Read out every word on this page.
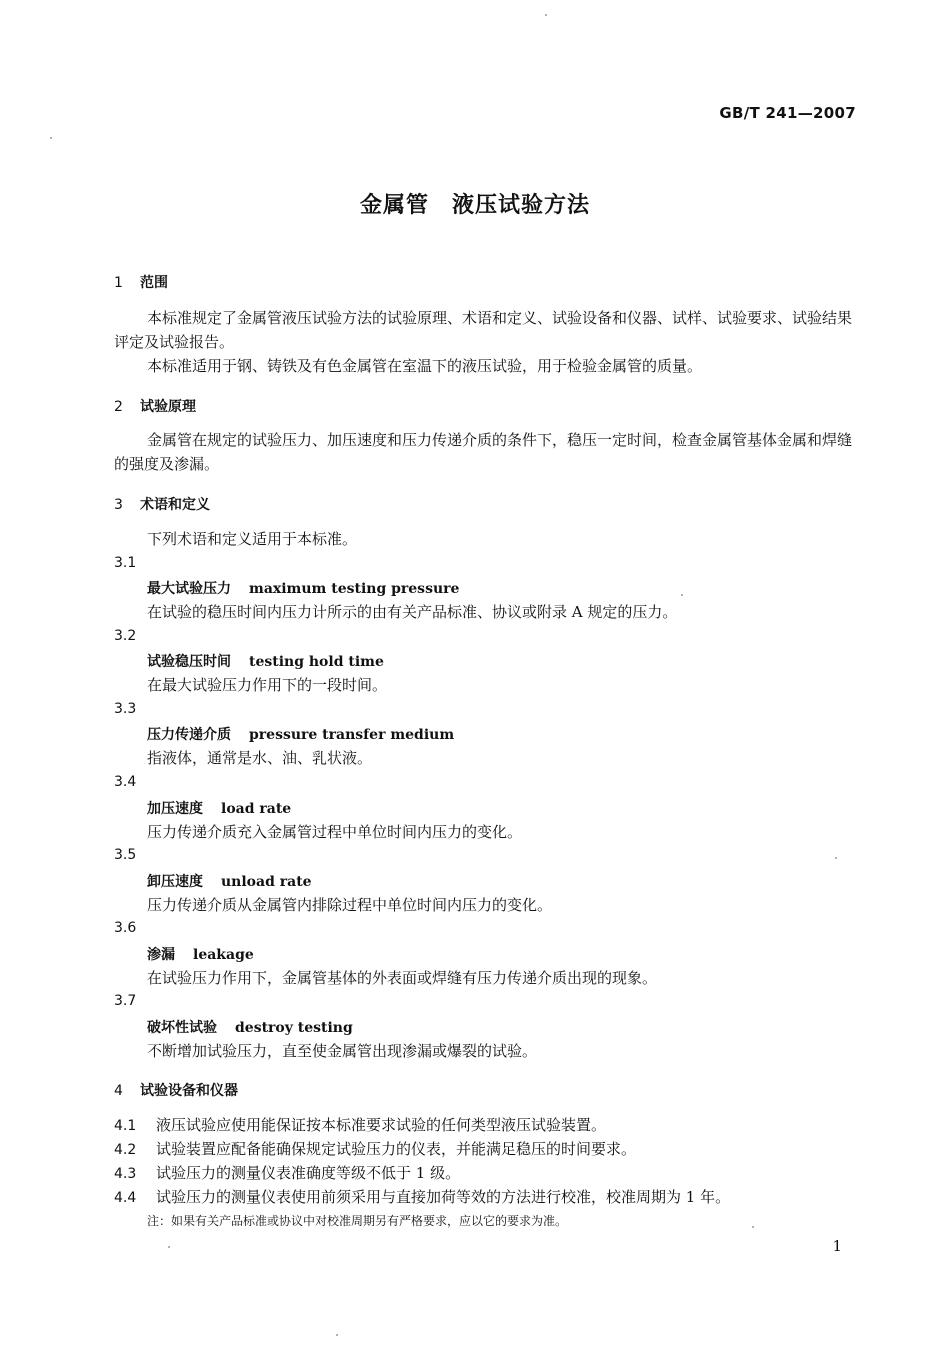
GB/T 241—2007
金属管　液压试验方法
1 范围
本标准规定了金属管液压试验方法的试验原理、术语和定义、试验设备和仪器、试样、试验要求、试验结果评定及试验报告。
本标准适用于钢、铸铁及有色金属管在室温下的液压试验，用于检验金属管的质量。
2 试验原理
金属管在规定的试验压力、加压速度和压力传递介质的条件下，稳压一定时间，检查金属管基体金属和焊缝的强度及渗漏。
3 术语和定义
下列术语和定义适用于本标准。
3.1
最大试验压力 maximum testing pressure
在试验的稳压时间内压力计所示的由有关产品标准、协议或附录 A 规定的压力。
3.2
试验稳压时间 testing hold time
在最大试验压力作用下的一段时间。
3.3
压力传递介质 pressure transfer medium
指液体，通常是水、油、乳状液。
3.4
加压速度 load rate
压力传递介质充入金属管过程中单位时间内压力的变化。
3.5
卸压速度 unload rate
压力传递介质从金属管内排除过程中单位时间内压力的变化。
3.6
渗漏 leakage
在试验压力作用下，金属管基体的外表面或焊缝有压力传递介质出现的现象。
3.7
破坏性试验 destroy testing
不断增加试验压力，直至使金属管出现渗漏或爆裂的试验。
4 试验设备和仪器
4.1 液压试验应使用能保证按本标准要求试验的任何类型液压试验装置。
4.2 试验装置应配备能确保规定试验压力的仪表，并能满足稳压的时间要求。
4.3 试验压力的测量仪表准确度等级不低于 1 级。
4.4 试验压力的测量仪表使用前须采用与直接加荷等效的方法进行校准，校准周期为 1 年。
注：如果有关产品标准或协议中对校准周期另有严格要求，应以它的要求为准。
1
